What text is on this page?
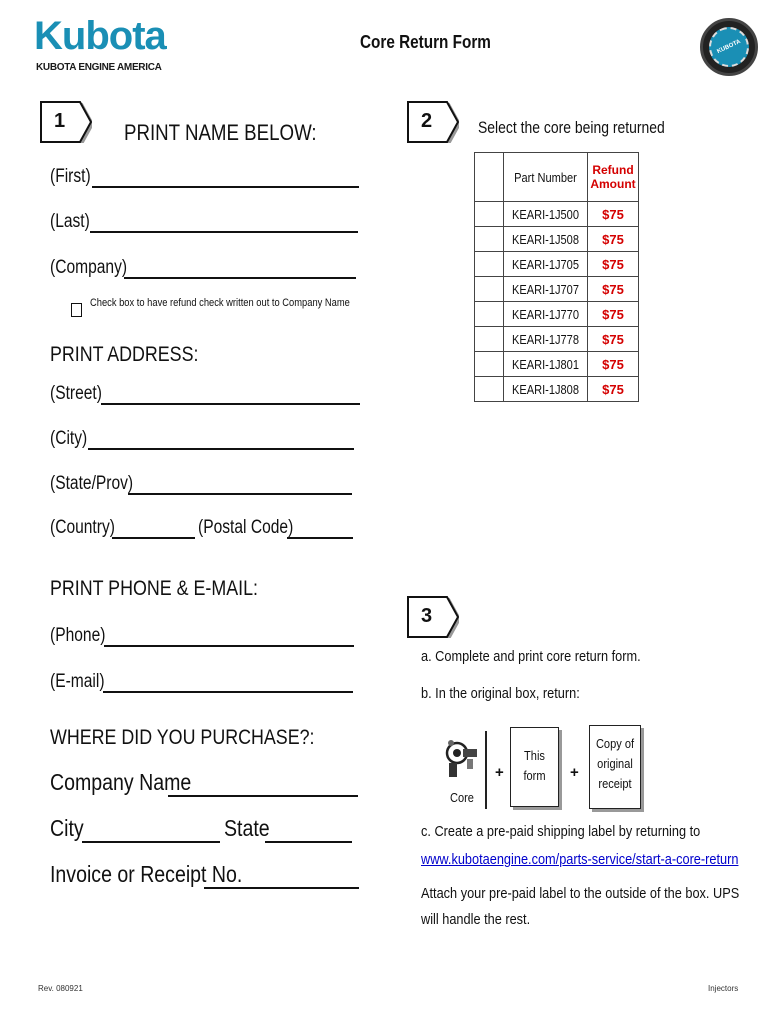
Kubota
KUBOTA ENGINE AMERICA
Core Return Form	KUBOTA
1	PRINT NAME BELOW:
(First)
(Last)
(Company)
Check box to have refund check written out to Company Name
PRINT ADDRESS:
(Street)
(City)
(State/Prov)
(Country)	(Postal Code)
PRINT PHONE & E-MAIL:
(Phone)
(E-mail)
WHERE DID YOU PURCHASE?:
Company Name
City	State
Invoice or Receipt No.
2	Select the core being returned

	Part Number	Refund Amount

	KEARI-1J500	$75

	KEARI-1J508	$75

	KEARI-1J705	$75

	KEARI-1J707	$75

	KEARI-1J770	$75

	KEARI-1J778	$75

	KEARI-1J801	$75

	KEARI-1J808	$75
3
a. Complete and print core return form.
b. In the original box, return:
Core
+
This form	+
Copy of original receipt
c. Create a pre-paid shipping label by returning to
www.kubotaengine.com/parts-service/start-a-core-return
Attach your pre-paid label to the outside of the box. UPS
will handle the rest.
Rev. 080921	Injectors
